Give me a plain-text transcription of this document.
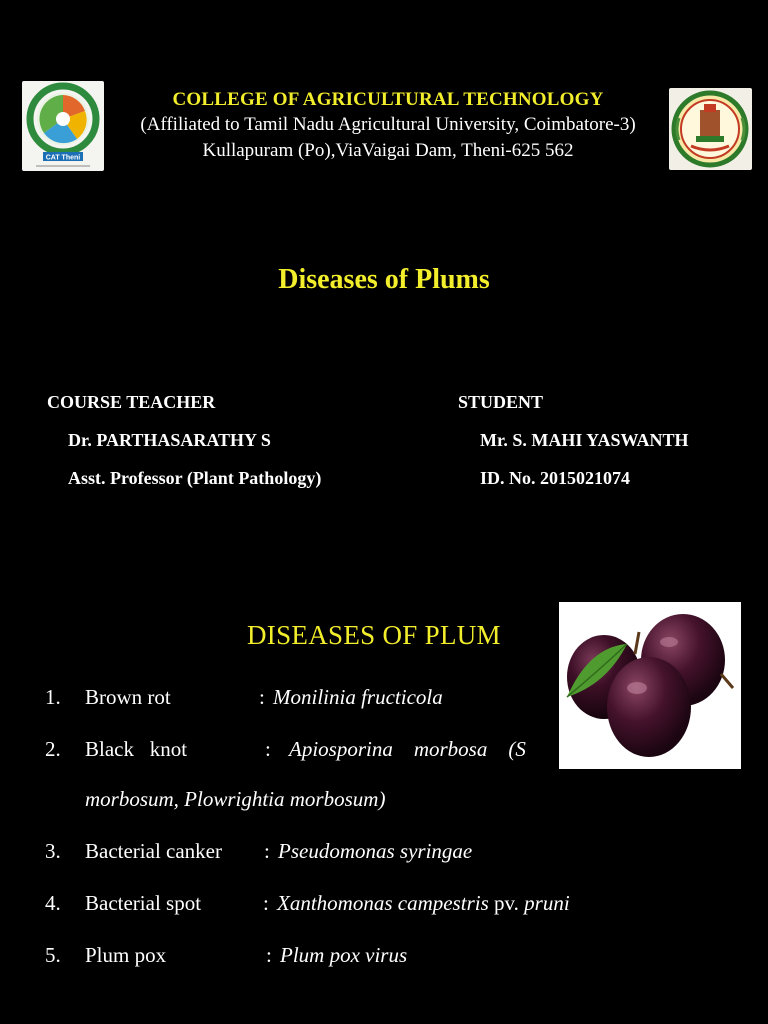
CAT Theni
COLLEGE OF AGRICULTURAL TECHNOLOGY
(Affiliated to Tamil Nadu Agricultural University, Coimbatore-3)
Kullapuram (Po),ViaVaigai Dam, Theni-625 562
Diseases of Plums
COURSE TEACHER
Dr. PARTHASARATHY S
Asst. Professor (Plant Pathology)
STUDENT
Mr. S. MAHI YASWANTH
ID. No. 2015021074
DISEASES OF PLUM
1. Brown rot	: Monilinia fructicola
2. Black   knot	: Apiosporina    morbosa    (S
morbosum, Plowrightia morbosum)
3. Bacterial canker : Pseudomonas syringae
4. Bacterial spot	: Xanthomonas campestris pv. pruni
5. Plum pox	: Plum pox virus
